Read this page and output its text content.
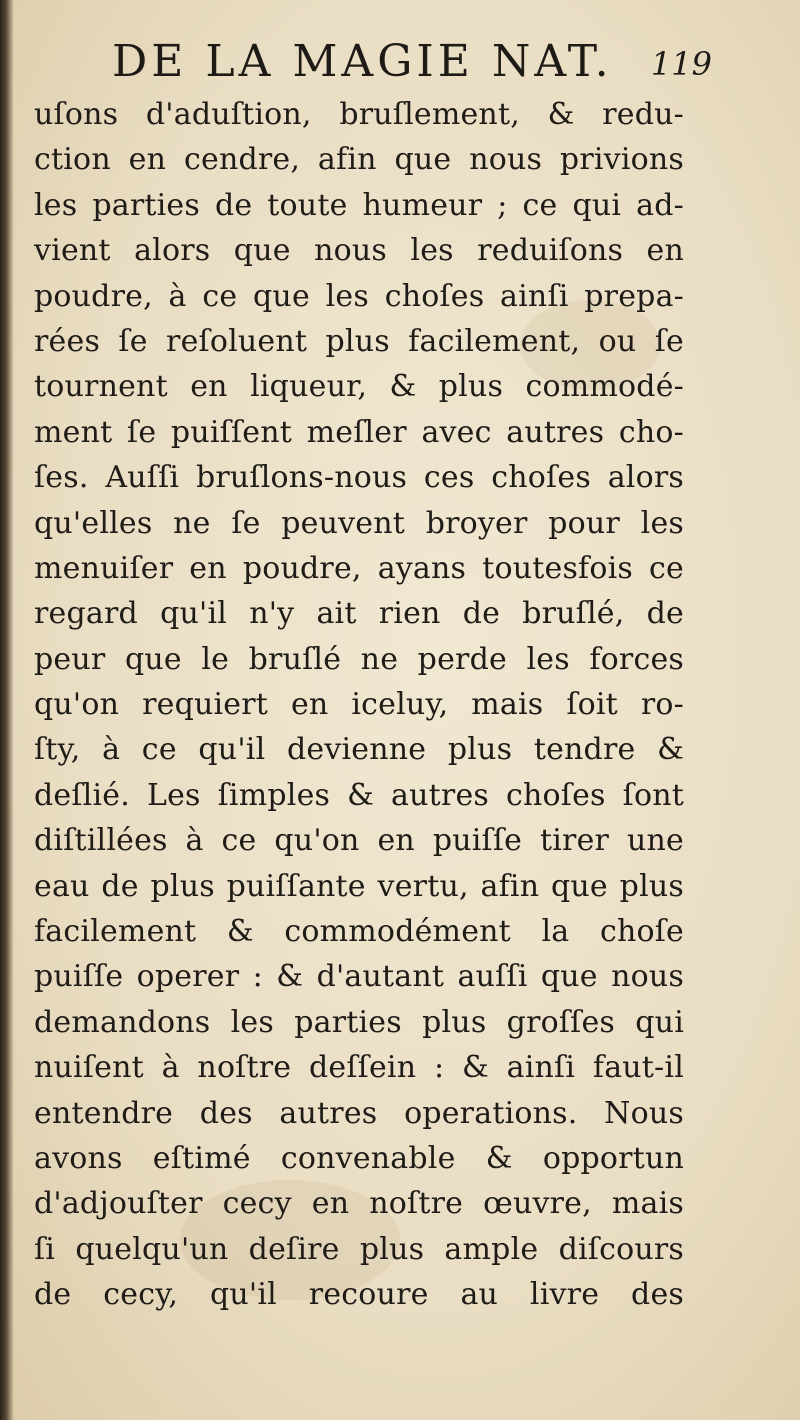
DE LA MAGIE NAT. 119
uſons d'aduſtion, bruſlement, & redu-
ction en cendre, afin que nous privions
les parties de toute humeur ; ce qui ad-
vient alors que nous les reduiſons en
poudre, à ce que les choſes ainſi prepa-
rées ſe reſoluent plus facilement, ou ſe
tournent en liqueur, & plus commodé-
ment ſe puiſſent meſler avec autres cho-
ſes. Auſſi bruſlons-nous ces choſes alors
qu'elles ne ſe peuvent broyer pour les
menuiſer en poudre, ayans toutesfois ce
regard qu'il n'y ait rien de bruſlé, de
peur que le bruſlé ne perde les forces
qu'on requiert en iceluy, mais ſoit ro-
ſty, à ce qu'il devienne plus tendre &
deſlié. Les ſimples & autres choſes ſont
diſtillées à ce qu'on en puiſſe tirer une
eau de plus puiſſante vertu, afin que plus
facilement & commodément la choſe
puiſſe operer : & d'autant auſſi que nous
demandons les parties plus groſſes qui
nuiſent à noſtre deſſein : & ainſi faut-il
entendre des autres operations. Nous
avons eſtimé convenable & opportun
d'adjouſter cecy en noſtre œuvre, mais
ſi quelqu'un deſire plus ample diſcours
de cecy, qu'il recoure au livre des
